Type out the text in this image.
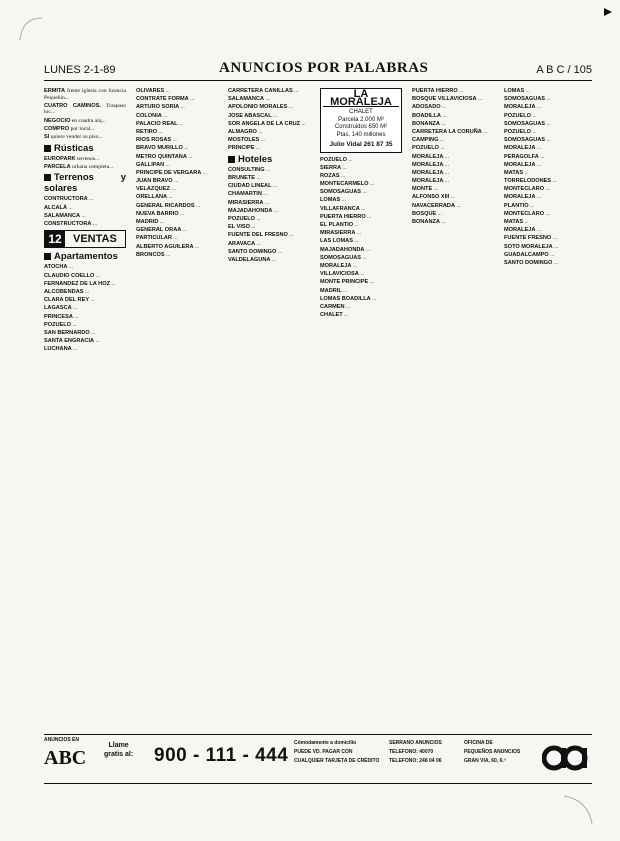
LUNES 2-1-89	ANUNCIOS POR PALABRAS	A B C / 105

ERMITA frente iglesia con licencia Pequeñín...

CUATRO CAMINOS. Traspaso loc...

NEGOCIO en cuadra alq...

COMPRO por local...

SI quiere vender su piso...

Rústicas

EUROPARK terrenos...

PARCELA urbana completa...

Terrenos y solares

CONTRUCTORA ...

ALCALÁ ...

SALAMANCA ...

CONSTRUCTORA ...

12	VENTAS
Apartamentos

ATOCHA ...

CLAUDIO COELLO ...

FERNANDEZ DE LA HOZ ...

ALCOBENDAS ...

CLARA DEL REY ...

LAGASCA ...

PRINCESA ...

POZUELO ...

SAN BERNARDO ...

SANTA ENGRACIA ...

LUCHANA ...

OLIVARES ...

CONTRATE FORMA ...

ARTURO SORIA ...

COLONIA ...

PALACIO REAL ...

RETIRO ...

RIOS ROSAS ...

BRAVO MURILLO ...

METRO QUINTANA ...

GALLIPAN ...

PRINCIPE DE VERGARA ...

JUAN BRAVO ...

VELAZQUEZ ...

ORELLANA ...

GENERAL RICARDOS ...

NUEVA BARRIO ...

MADRID ...

GENERAL ORAA ...

PARTICULAR ...

ALBERTO AGUILERA ...

BRONCOS ...

CARRETERA CANILLAS ...

SALAMANCA ...

APOLONIO MORALES ...

JOSE ABASCAL ...

SOR ANGELA DE LA CRUZ ...

ALMAGRO ...

MOSTOLES ...

PRINCIPE ...

Hoteles

CONSULTING ...

BRUNETE ...

CIUDAD LINEAL ...

CHAMARTIN ...

MIRASIERRA ...

MAJADAHONDA ...

POZUELO ...

EL VISO ...

FUENTE DEL FRESNO ...

ARAVACA ...

SANTO DOMINGO ...

VALDELAGUNA ...

LA MORALEJA
CHALET
Parcela 2.000 M²
Construidos 650 M²
Ptas. 140 millones
Julio Vidal 261 87 35

POZUELO ...

SIERRA ...

ROZAS ...

MONTECARMELO ...

SOMOSAGUAS ...

LOMAS ...

VILLAFRANCA ...

PUERTA HIERRO ...

EL PLANTIO ...

MIRASIERRA ...

LAS LOMAS ...

MAJADAHONDA ...

SOMOSAGUAS ...

MORALEJA ...

VILLAVICIOSA ...

MONTE PRINCIPE ...

MADRIL ...

LOMAS BOADILLA ...

CARMEN ...

CHALET ...

PUERTA HIERRO ...

BOSQUE VILLAVICIOSA ...

ADOSADO ...

BOADILLA ...

BONANZA ...

CARRETERA LA CORUÑA ...

CAMPING ...

POZUELO ...

MORALEJA ...

MORALEJA ...

MORALEJA ...

MORALEJA ...

MONTE ...

ALFONSO XIII ...

NAVACERRADA ...

BOSQUE ...

BONANZA ...

LOMAS ...

SOMOSAGUAS ...

MORALEJA ...

POZUELO ...

SOMOSAGUAS ...

POZUELO ...

SOMOSAGUAS ...

MORALEJA ...

PERAGOLFA ...

MORALEJA ...

MATAS ...

TORRELODONES ...

MONTECLARO ...

MORALEJA ...

PLANTIO ...

MONTECLARO ...

MATAS ...

MORALEJA ...

FUENTE FRESNO ...

SOTO MORALEJA ...

GUADALCAMPO ...

SANTO DOMINGO ...

ANUNCIOS EN
ABC
Llame
gratis al: 900 - 111 - 444
Cómodamente a domicilio
PUEDE VD. PAGAR CON
CUALQUIER TARJETA DE CRÉDITO
SERRANO ANUNCIOS
TELEFONO: 40070
TELEFONO: 248 04 06
OFICINA DE
PEQUEÑOS ANUNCIOS
GRAN VIA, 60, 6.º
